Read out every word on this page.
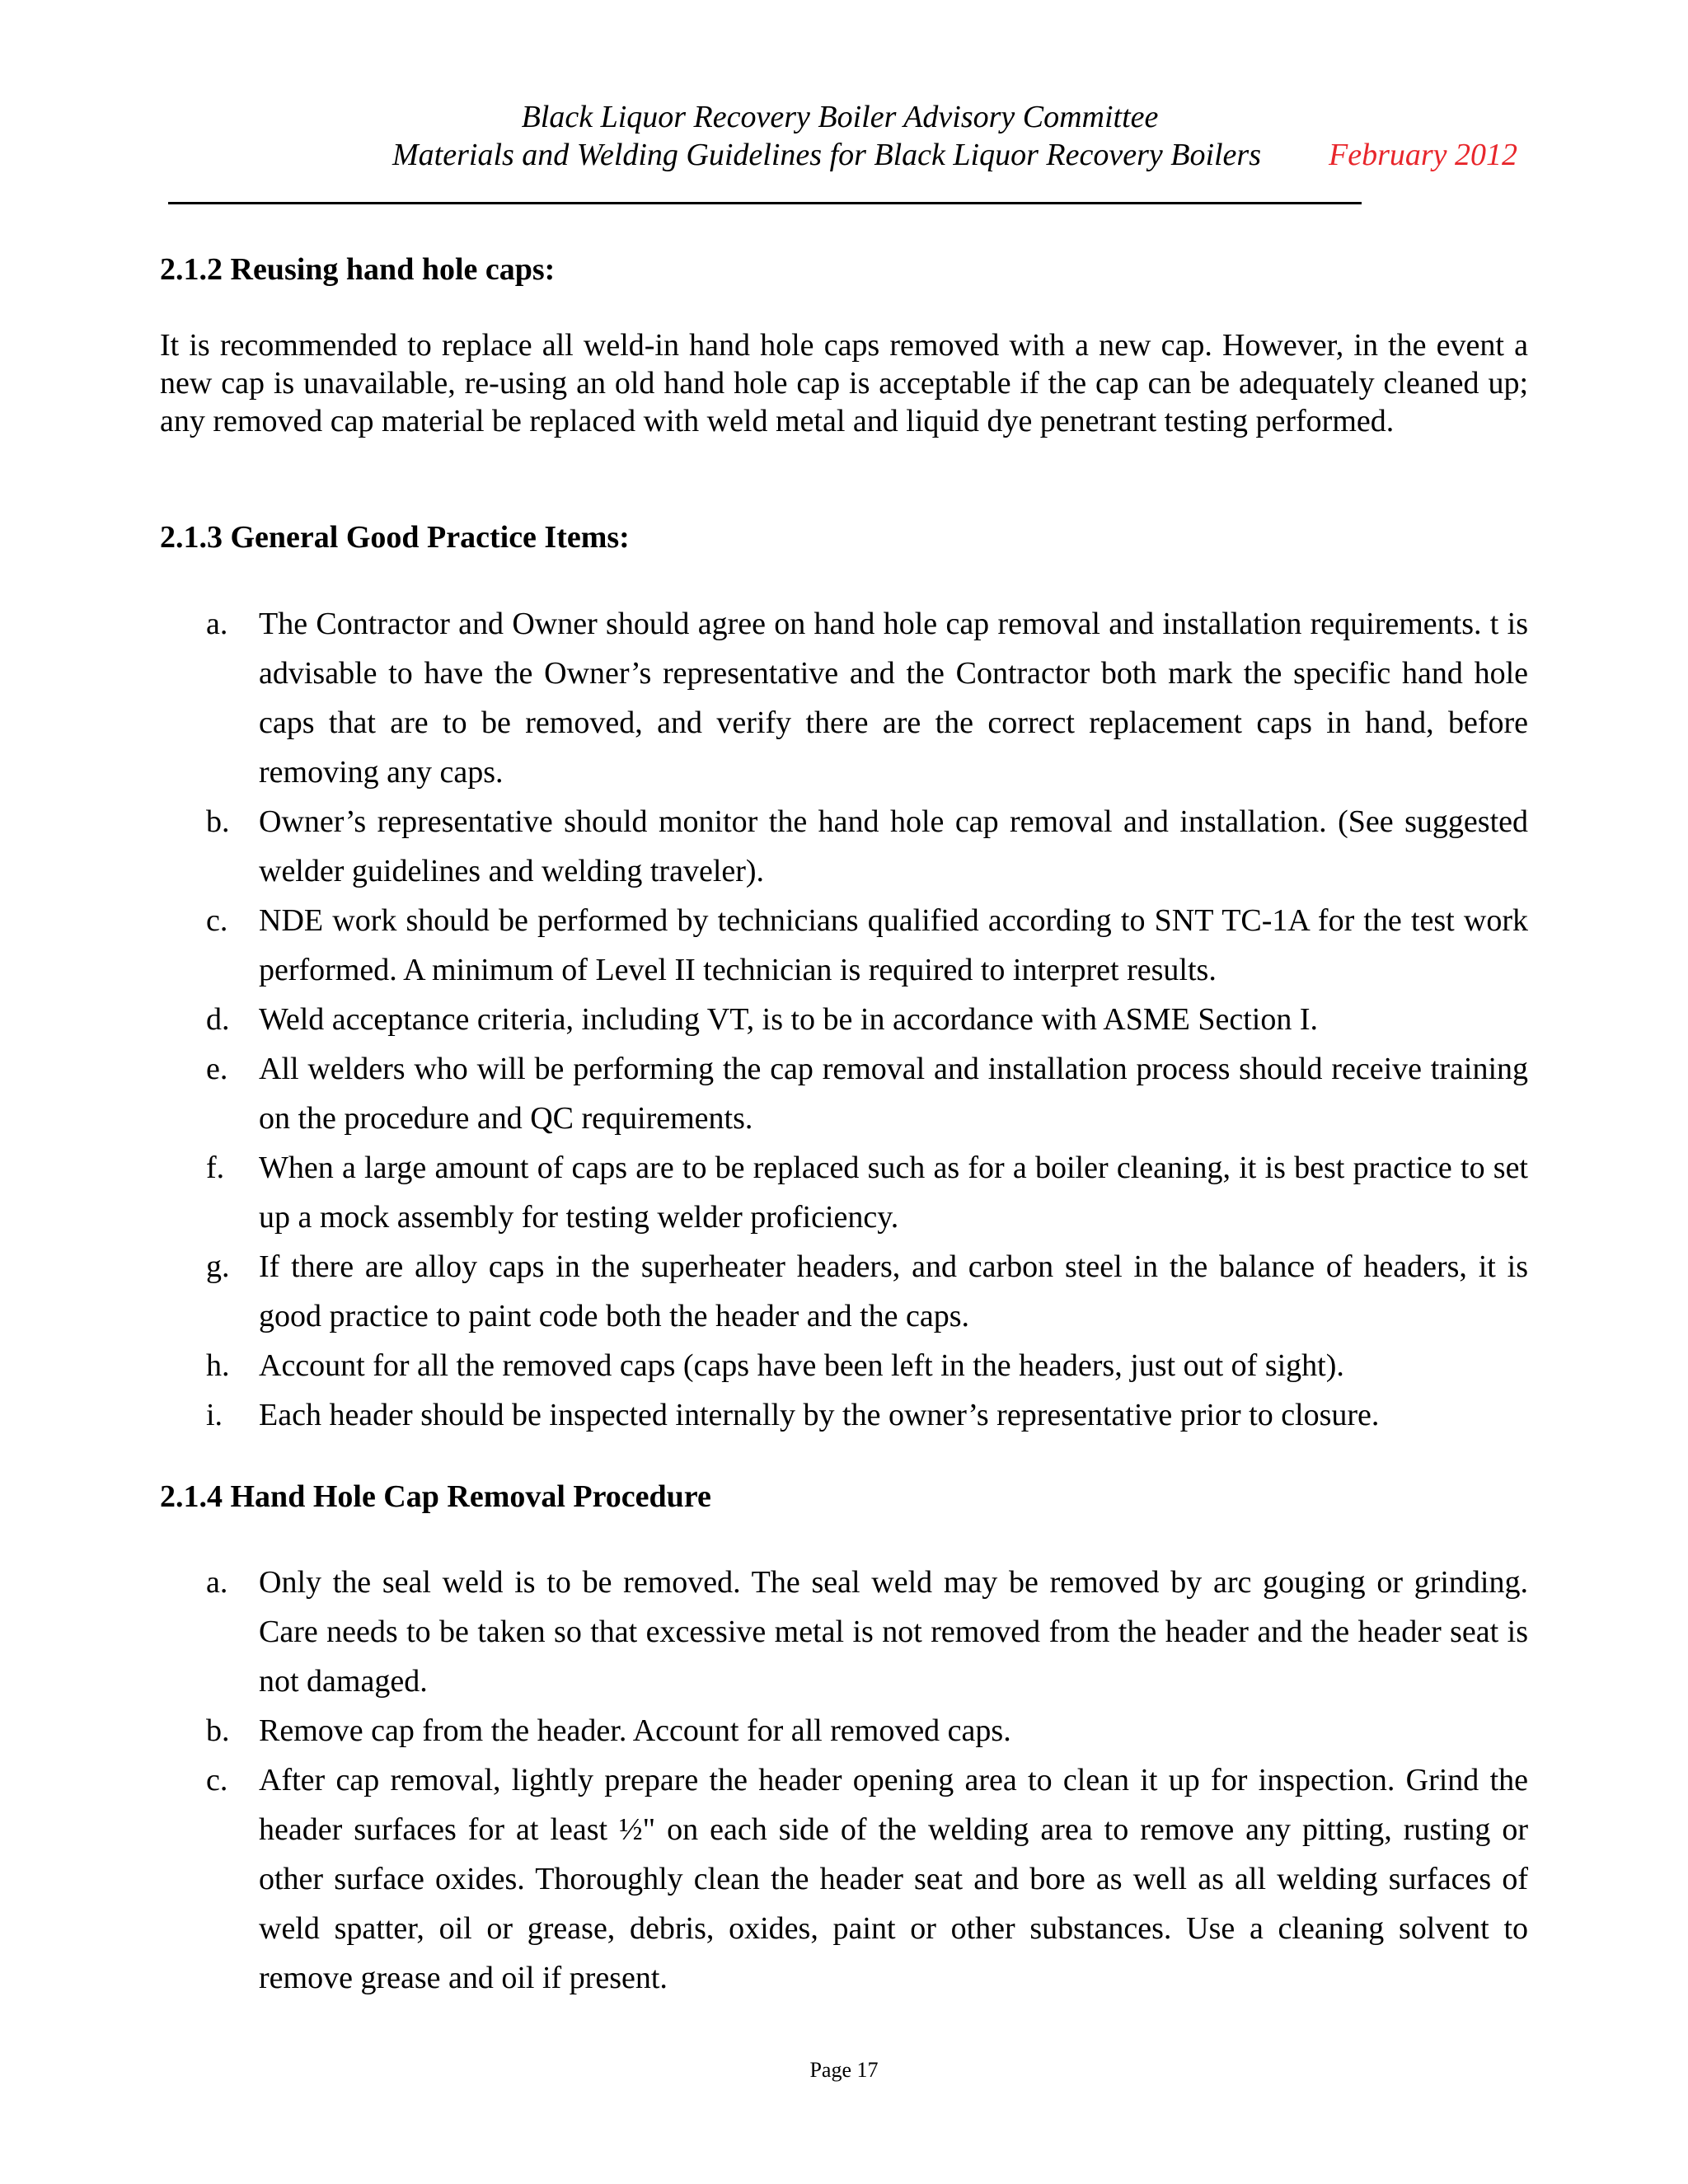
Black Liquor Recovery Boiler Advisory Committee
Materials and Welding Guidelines for Black Liquor Recovery Boilers February 2012
2.1.2 Reusing hand hole caps:
It is recommended to replace all weld-in hand hole caps removed with a new cap. However, in the event a new cap is unavailable, re-using an old hand hole cap is acceptable if the cap can be adequately cleaned up; any removed cap material be replaced with weld metal and liquid dye penetrant testing performed.
2.1.3 General Good Practice Items:
a. The Contractor and Owner should agree on hand hole cap removal and installation requirements. t is advisable to have the Owner’s representative and the Contractor both mark the specific hand hole caps that are to be removed, and verify there are the correct replacement caps in hand, before removing any caps.
b. Owner’s representative should monitor the hand hole cap removal and installation. (See suggested welder guidelines and welding traveler).
c. NDE work should be performed by technicians qualified according to SNT TC-1A for the test work performed. A minimum of Level II technician is required to interpret results.
d. Weld acceptance criteria, including VT, is to be in accordance with ASME Section I.
e. All welders who will be performing the cap removal and installation process should receive training on the procedure and QC requirements.
f. When a large amount of caps are to be replaced such as for a boiler cleaning, it is best practice to set up a mock assembly for testing welder proficiency.
g. If there are alloy caps in the superheater headers, and carbon steel in the balance of headers, it is good practice to paint code both the header and the caps.
h. Account for all the removed caps (caps have been left in the headers, just out of sight).
i. Each header should be inspected internally by the owner’s representative prior to closure.
2.1.4 Hand Hole Cap Removal Procedure
a. Only the seal weld is to be removed. The seal weld may be removed by arc gouging or grinding. Care needs to be taken so that excessive metal is not removed from the header and the header seat is not damaged.
b. Remove cap from the header. Account for all removed caps.
c. After cap removal, lightly prepare the header opening area to clean it up for inspection. Grind the header surfaces for at least ½" on each side of the welding area to remove any pitting, rusting or other surface oxides. Thoroughly clean the header seat and bore as well as all welding surfaces of weld spatter, oil or grease, debris, oxides, paint or other substances. Use a cleaning solvent to remove grease and oil if present.
Page 17
